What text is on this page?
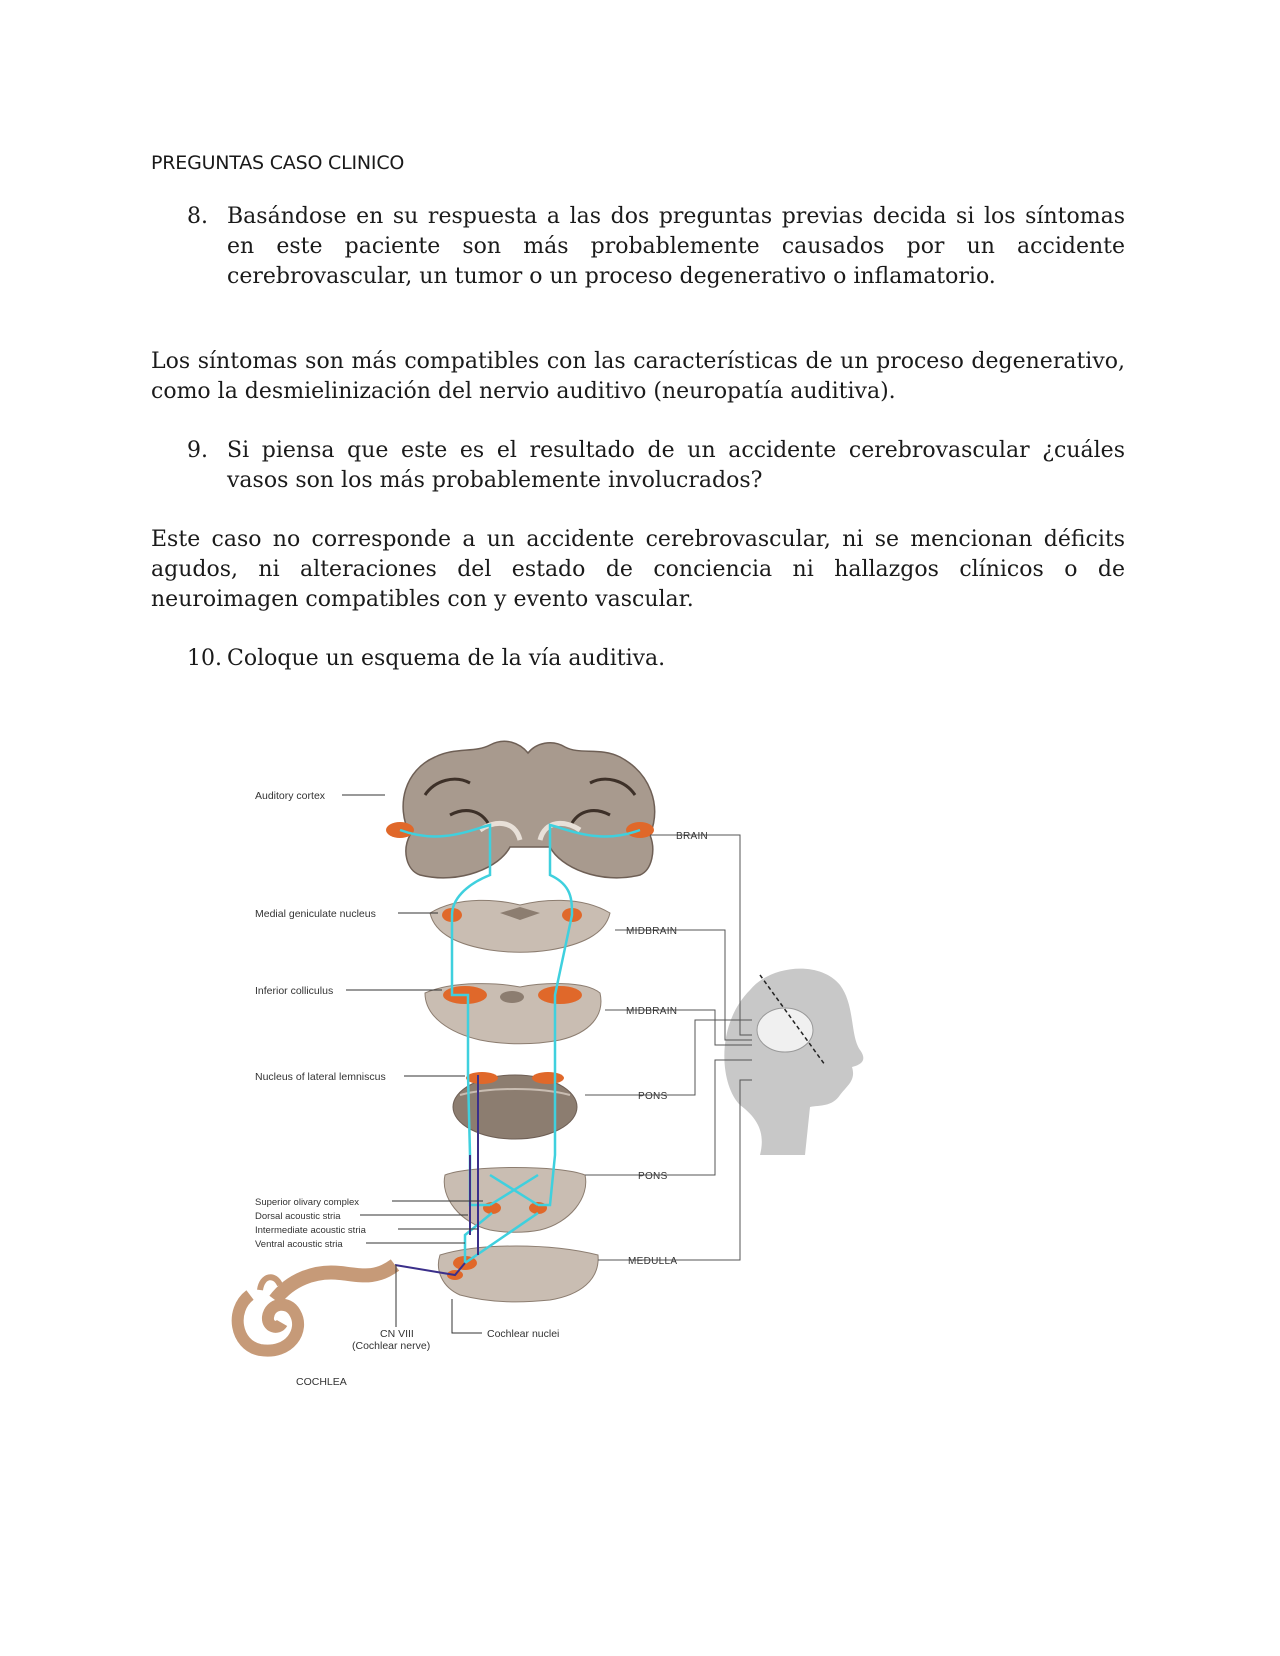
PREGUNTAS CASO CLINICO
8. Basándose en su respuesta a las dos preguntas previas decida si los síntomas en este paciente son más probablemente causados por un accidente cerebrovascular, un tumor o un proceso degenerativo o inflamatorio.
Los síntomas son más compatibles con las características de un proceso degenerativo, como la desmielinización del nervio auditivo (neuropatía auditiva).
9. Si piensa que este es el resultado de un accidente cerebrovascular ¿cuáles vasos son los más probablemente involucrados?
Este caso no corresponde a un accidente cerebrovascular, ni se mencionan déficits agudos, ni alteraciones del estado de conciencia ni hallazgos clínicos o de neuroimagen compatibles con y evento vascular.
10. Coloque un esquema de la vía auditiva.
Auditory cortex
Medial geniculate nucleus
Inferior colliculus
Nucleus of lateral lemniscus
Superior olivary complex
Dorsal acoustic stria
Intermediate acoustic stria
Ventral acoustic stria
BRAIN
MIDBRAIN
MIDBRAIN
PONS
PONS
MEDULLA
CN VIII
(Cochlear nerve)
Cochlear nuclei
COCHLEA
